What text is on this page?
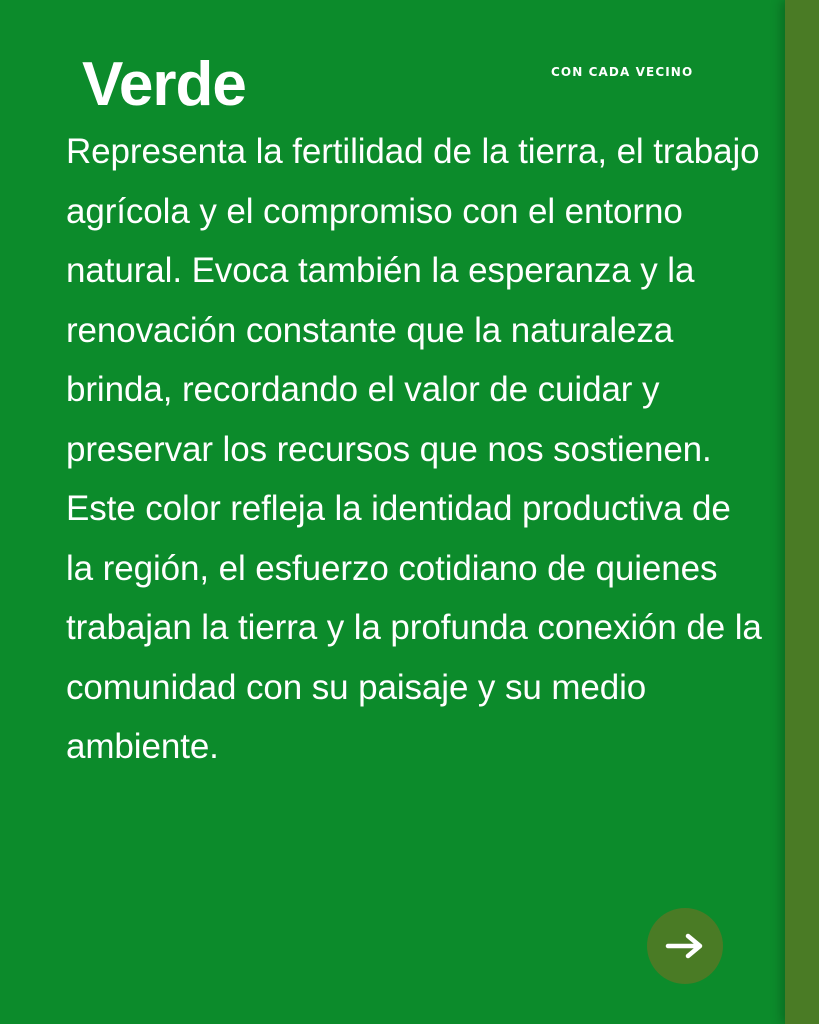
Verde	CON CADA VECINO

Representa la fertilidad de la tierra, el trabajo agrícola y el compromiso con el entorno natural. Evoca también la esperanza y la renovación constante que la naturaleza brinda, recordando el valor de cuidar y preservar los recursos que nos sostienen. Este color refleja la identidad productiva de la región, el esfuerzo cotidiano de quienes trabajan la tierra y la profunda conexión de la comunidad con su paisaje y su medio ambiente.
